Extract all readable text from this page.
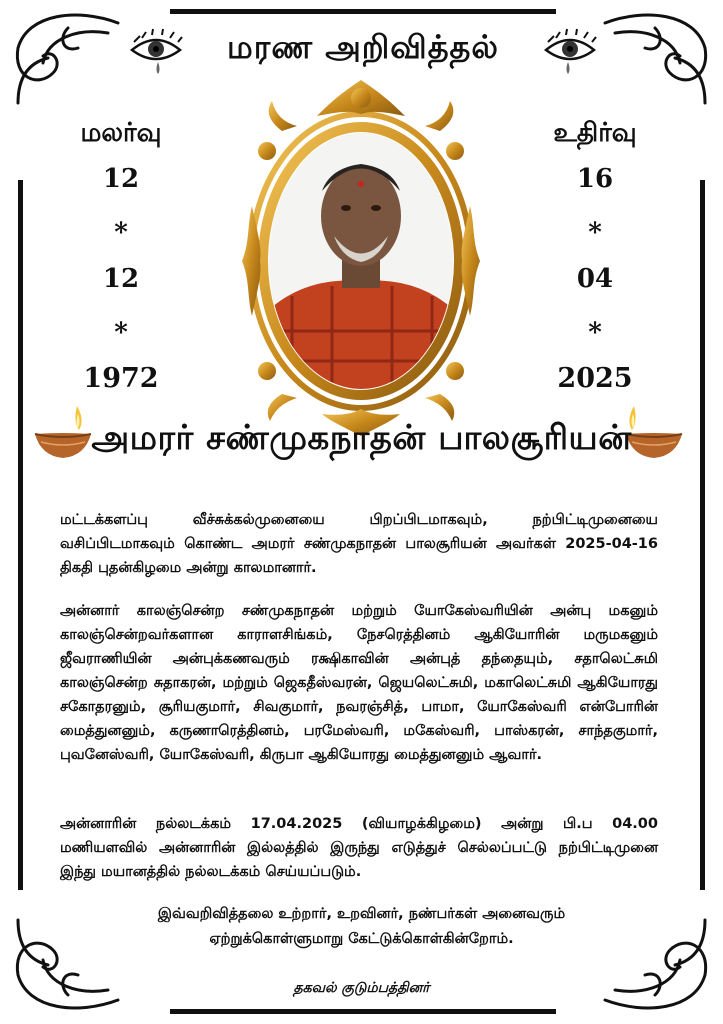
மரண அறிவித்தல்
மலர்வு
12
*
12
*
1972
உதிர்வு
16
*
04
*
2025
அமரர் சண்முகநாதன் பாலசூரியன்
மட்டக்களப்பு வீச்சுக்கல்முனையை பிறப்பிடமாகவும், நற்பிட்டிமுனையை வசிப்பிடமாகவும் கொண்ட அமரர் சண்முகநாதன் பாலசூரியன் அவர்கள் 2025-04-16 திகதி புதன்கிழமை அன்று காலமானார்.
அன்னார் காலஞ்சென்ற சண்முகநாதன் மற்றும் யோகேஸ்வரியின் அன்பு மகனும் காலஞ்சென்றவர்களான காராளசிங்கம், நேசரெத்தினம் ஆகியோரின் மருமகனும் ஜீவராணியின் அன்புக்கணவரும் ரக்ஷிகாவின் அன்புத் தந்தையும், சதாலெட்சுமி காலஞ்சென்ற சுதாகரன், மற்றும் ஜெகதீஸ்வரன், ஜெயலெட்சுமி, மகாலெட்சுமி ஆகியோரது சகோதரனும், சூரியகுமார், சிவகுமார், நவரஞ்சித், பாமா, யோகேஸ்வரி என்போரின் மைத்துனனும், கருணாரெத்தினம், பரமேஸ்வரி, மகேஸ்வரி, பாஸ்கரன், சாந்தகுமார், புவனேஸ்வரி, யோகேஸ்வரி, கிருபா ஆகியோரது மைத்துனனும் ஆவார்.
அன்னாரின் நல்லடக்கம் 17.04.2025 (வியாழக்கிழமை) அன்று பி.ப 04.00 மணியளவில் அன்னாரின் இல்லத்தில் இருந்து எடுத்துச் செல்லப்பட்டு நற்பிட்டிமுனை இந்து மயானத்தில் நல்லடக்கம் செய்யப்படும்.
இவ்வறிவித்தலை உற்றார், உறவினர், நண்பர்கள் அனைவரும்
ஏற்றுக்கொள்ளுமாறு கேட்டுக்கொள்கின்றோம்.
தகவல் குடும்பத்தினர்
